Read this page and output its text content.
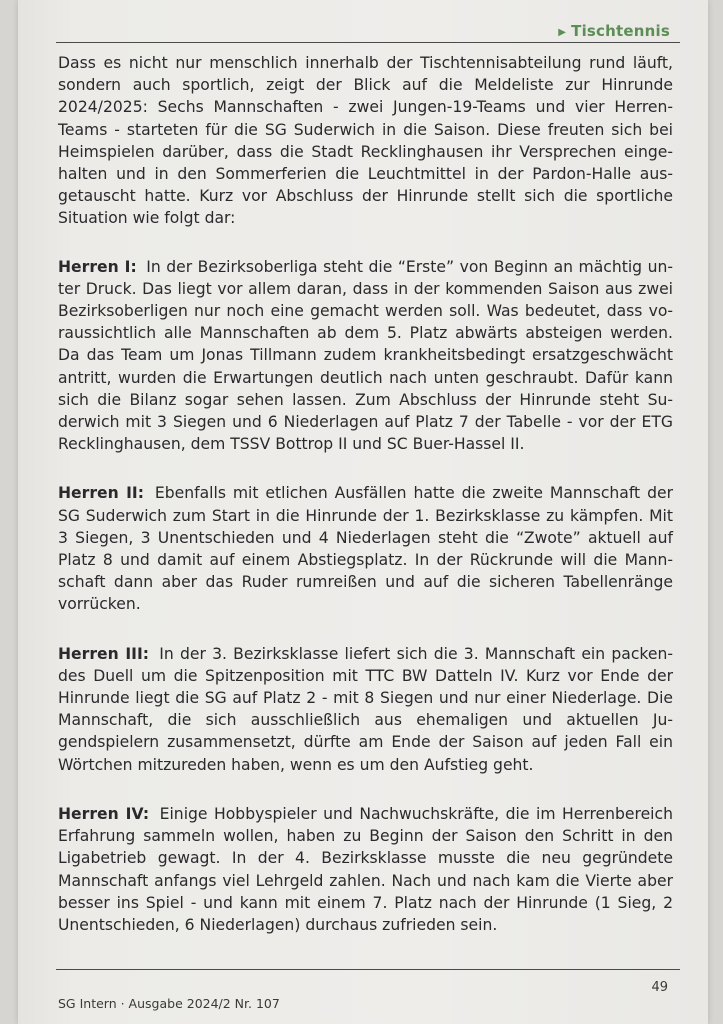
▶ Tischtennis

Dass es nicht nur menschlich innerhalb der Tischtennisabteilung rund läuft, sondern auch sportlich, zeigt der Blick auf die Meldeliste zur Hinrunde 2024/2025: Sechs Mannschaften - zwei Jungen-19-Teams und vier Herren-Teams - starteten für die SG Suderwich in die Saison. Diese freuten sich bei Heimspielen darüber, dass die Stadt Recklinghausen ihr Versprechen eingehalten und in den Sommerferien die Leuchtmittel in der Pardon-Halle ausgetauscht hatte. Kurz vor Abschluss der Hinrunde stellt sich die sportliche Situation wie folgt dar:

Herren I: In der Bezirksoberliga steht die “Erste” von Beginn an mächtig unter Druck. Das liegt vor allem daran, dass in der kommenden Saison aus zwei Bezirksoberligen nur noch eine gemacht werden soll. Was bedeutet, dass voraussichtlich alle Mannschaften ab dem 5. Platz abwärts absteigen werden. Da das Team um Jonas Tillmann zudem krankheitsbedingt ersatzgeschwächt antritt, wurden die Erwartungen deutlich nach unten geschraubt. Dafür kann sich die Bilanz sogar sehen lassen. Zum Abschluss der Hinrunde steht Suderwich mit 3 Siegen und 6 Niederlagen auf Platz 7 der Tabelle - vor der ETG Recklinghausen, dem TSSV Bottrop II und SC Buer-Hassel II.

Herren II: Ebenfalls mit etlichen Ausfällen hatte die zweite Mannschaft der SG Suderwich zum Start in die Hinrunde der 1. Bezirksklasse zu kämpfen. Mit 3 Siegen, 3 Unentschieden und 4 Niederlagen steht die “Zwote” aktuell auf Platz 8 und damit auf einem Abstiegsplatz. In der Rückrunde will die Mannschaft dann aber das Ruder rumreißen und auf die sicheren Tabellenränge vorrücken.

Herren III: In der 3. Bezirksklasse liefert sich die 3. Mannschaft ein packendes Duell um die Spitzenposition mit TTC BW Datteln IV. Kurz vor Ende der Hinrunde liegt die SG auf Platz 2 - mit 8 Siegen und nur einer Niederlage. Die Mannschaft, die sich ausschließlich aus ehemaligen und aktuellen Jugendspielern zusammensetzt, dürfte am Ende der Saison auf jeden Fall ein Wörtchen mitzureden haben, wenn es um den Aufstieg geht.

Herren IV: Einige Hobbyspieler und Nachwuchskräfte, die im Herrenbereich Erfahrung sammeln wollen, haben zu Beginn der Saison den Schritt in den Ligabetrieb gewagt. In der 4. Bezirksklasse musste die neu gegründete Mannschaft anfangs viel Lehrgeld zahlen. Nach und nach kam die Vierte aber besser ins Spiel - und kann mit einem 7. Platz nach der Hinrunde (1 Sieg, 2 Unentschieden, 6 Niederlagen) durchaus zufrieden sein.

SG Intern · Ausgabe 2024/2 Nr. 107
49
